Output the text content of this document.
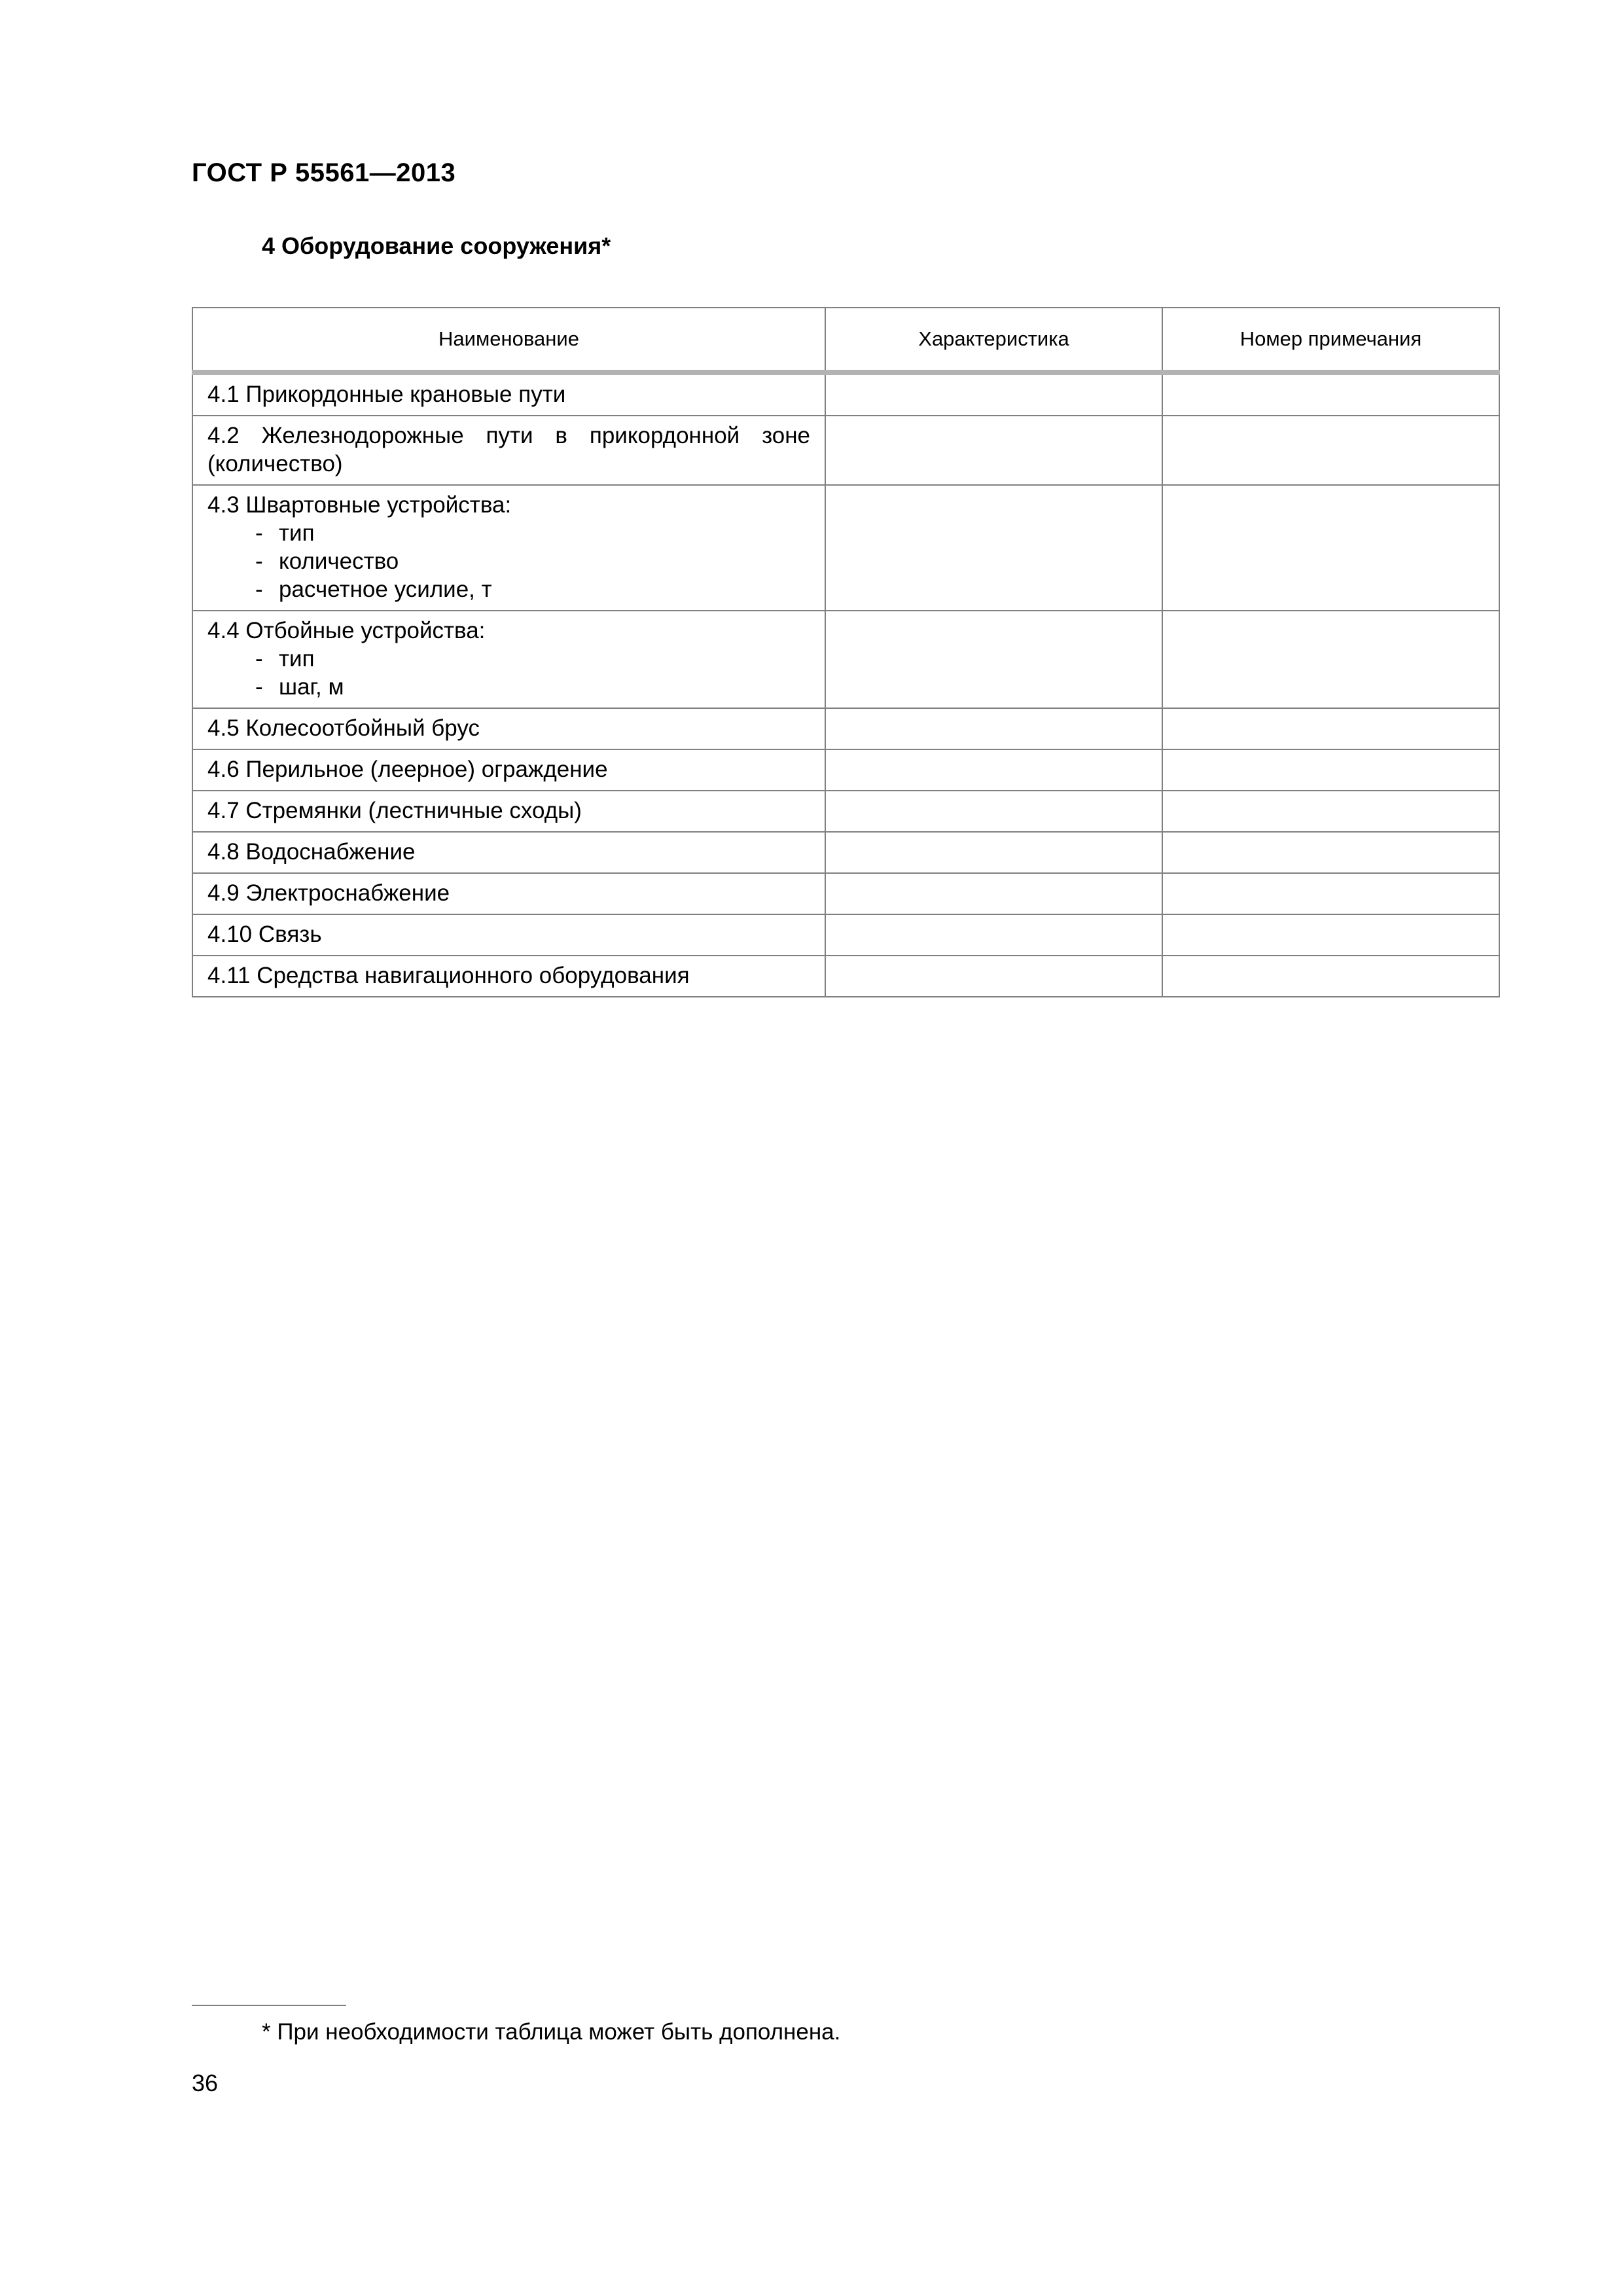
ГОСТ Р 55561—2013
4 Оборудование сооружения*
Наименование	Характеристика	Номер примечания
4.1 Прикордонные крановые пути		
4.2 Железнодорожные пути в прикордонной зоне (количество)		
4.3 Швартовные устройства:
- тип
- количество
- расчетное усилие, т

4.4 Отбойные устройства:
- тип
- шаг, м

4.5 Колесоотбойный брус		
4.6 Перильное (леерное) ограждение		
4.7 Стремянки (лестничные сходы)		
4.8 Водоснабжение		
4.9 Электроснабжение		
4.10 Связь		
4.11 Средства навигационного оборудования		
* При необходимости таблица может быть дополнена.
36
